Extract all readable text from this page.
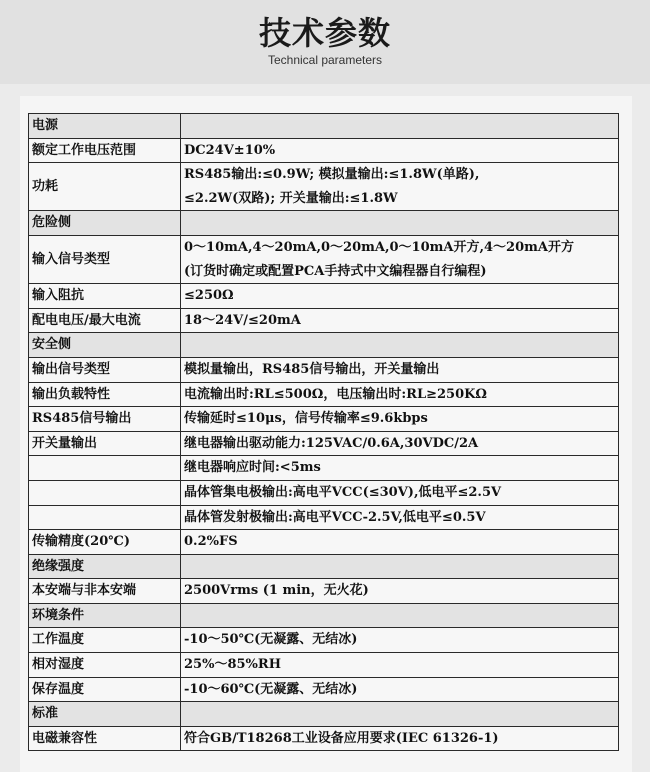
技术参数
Technical parameters
电源	
额定工作电压范围	DC24V±10%

功耗	RS485输出:≤0.9W; 模拟量输出:≤1.8W(单路),
≤2.2W(双路); 开关量输出:≤1.8W

危险侧	
输入信号类型	0～10mA,4～20mA,0～20mA,0～10mA开方,4～20mA开方
(订货时确定或配置PCA手持式中文编程器自行编程)

输入阻抗	≤250Ω

配电电压/最大电流	18～24V/≤20mA

安全侧	
输出信号类型	模拟量输出，RS485信号输出，开关量输出

输出负载特性	电流输出时:RL≤500Ω，电压输出时:RL≥250KΩ

RS485信号输出	传输延时≤10μs，信号传输率≤9.6kbps

开关量输出	继电器输出驱动能力:125VAC/0.6A,30VDC/2A

	继电器响应时间:<5ms

	晶体管集电极输出:高电平VCC(≤30V),低电平≤2.5V

	晶体管发射极输出:高电平VCC-2.5V,低电平≤0.5V

传输精度(20℃)	0.2%FS

绝缘强度	
本安端与非本安端	2500Vrms (1 min，无火花)

环境条件	
工作温度	-10～50℃(无凝露、无结冰)

相对湿度	25%～85%RH

保存温度	-10～60℃(无凝露、无结冰)

标准	
电磁兼容性	符合GB/T18268工业设备应用要求(IEC 61326-1)
